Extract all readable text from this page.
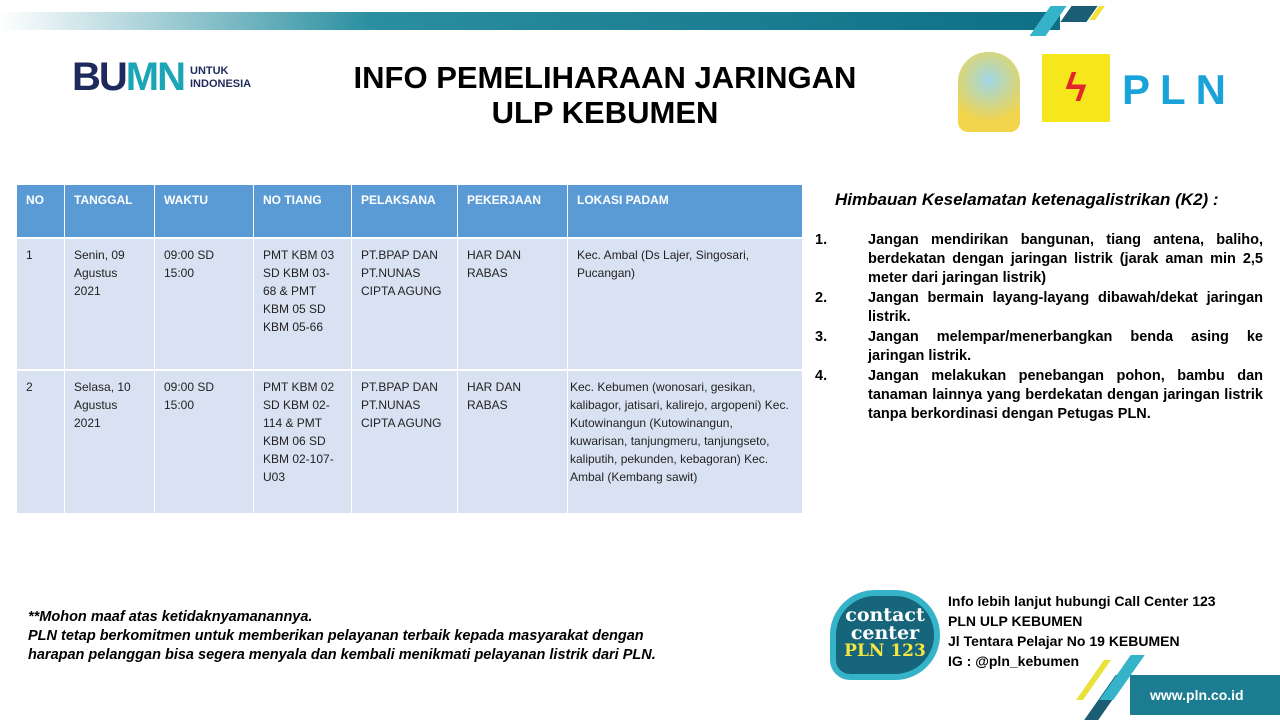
BUMN UNTUK
INDONESIA	INFO PEMELIHARAAN JARINGAN
ULP KEBUMEN
ϟ PLN
NO	TANGGAL	WAKTU	NO TIANG	PELAKSANA	PEKERJAAN	LOKASI PADAM
1	Senin, 09 Agustus 2021	09:00 SD 15:00	PMT KBM 03 SD KBM 03-68 & PMT KBM 05 SD KBM 05-66	PT.BPAP DAN PT.NUNAS CIPTA AGUNG	HAR DAN RABAS	Kec. Ambal (Ds Lajer, Singosari, Pucangan)
2	Selasa, 10 Agustus 2021	09:00 SD 15:00	PMT KBM 02 SD KBM 02-114 & PMT KBM 06 SD KBM 02-107-U03	PT.BPAP DAN PT.NUNAS CIPTA AGUNG	HAR DAN RABAS	Kec. Kebumen (wonosari, gesikan, kalibagor, jatisari, kalirejo, argopeni) Kec. Kutowinangun (Kutowinangun, kuwarisan, tanjungmeru, tanjungseto, kaliputih, pekunden, kebagoran) Kec. Ambal (Kembang sawit)
Himbauan Keselamatan ketenagalistrikan (K2) :
1.	Jangan mendirikan bangunan, tiang antena, baliho, berdekatan dengan jaringan listrik (jarak aman min 2,5 meter dari jaringan listrik)
2.	Jangan bermain layang-layang dibawah/dekat jaringan listrik.
3.	Jangan melempar/menerbangkan benda asing ke jaringan listrik.
4.	Jangan melakukan penebangan pohon, bambu dan tanaman lainnya yang berdekatan dengan jaringan listrik tanpa berkordinasi dengan Petugas PLN.
**Mohon maaf atas ketidaknyamanannya.
PLN tetap berkomitmen untuk memberikan pelayanan terbaik kepada masyarakat dengan harapan pelanggan bisa segera menyala dan kembali menikmati pelayanan listrik dari PLN.
contact
center
PLN 123
Info lebih lanjut hubungi Call Center 123
PLN ULP KEBUMEN
Jl Tentara Pelajar No 19 KEBUMEN
IG : @pln_kebumen
www.pln.co.id
